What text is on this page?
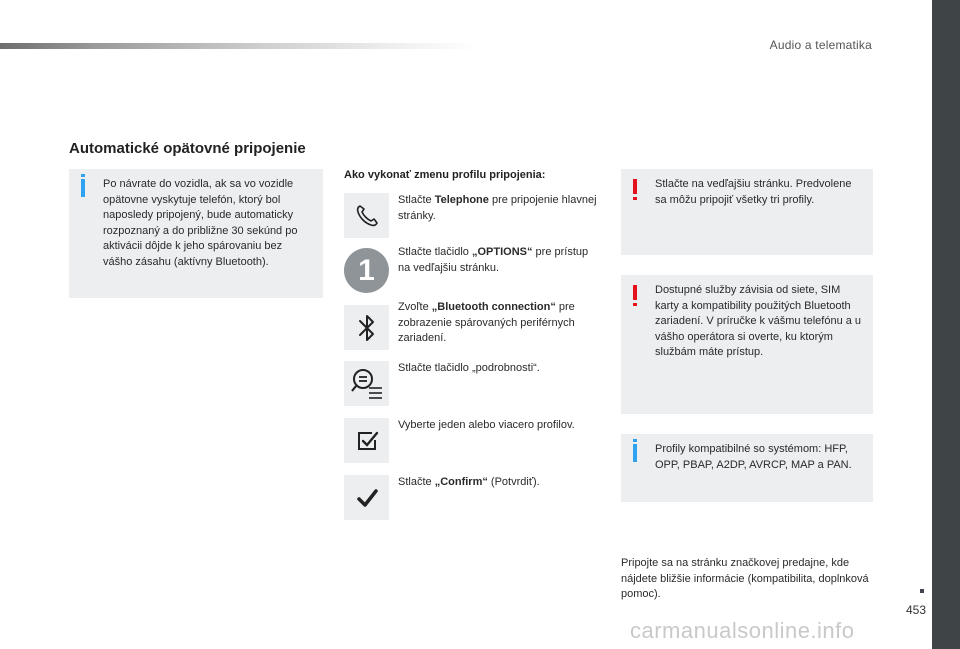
Audio a telematika
453
Automatické opätovné pripojenie

Po návrate do vozidla, ak sa vo vozidle opätovne vyskytuje telefón, ktorý bol naposledy pripojený, bude automaticky rozpoznaný a do približne 30 sekúnd po aktivácii dôjde k jeho spárovaniu bez vášho zásahu (aktívny Bluetooth).

Ako vykonať zmenu profilu pripojenia:
Stlačte Telephone pre pripojenie hlavnej stránky.
1
Stlačte tlačidlo „OPTIONS“ pre prístup na vedľajšiu stránku.
Zvoľte „Bluetooth connection“ pre zobrazenie spárovaných periférnych zariadení.
Stlačte tlačidlo „podrobnosti“.
Vyberte jeden alebo viacero profilov.
Stlačte „Confirm“ (Potvrdiť).

Stlačte na vedľajšiu stránku. Predvolene sa môžu pripojiť všetky tri profily.

Dostupné služby závisia od siete, SIM karty a kompatibility použitých Bluetooth zariadení. V príručke k vášmu telefónu a u vášho operátora si overte, ku ktorým službám máte prístup.

Profily kompatibilné so systémom: HFP, OPP, PBAP, A2DP, AVRCP, MAP a PAN.

Pripojte sa na stránku značkovej predajne, kde nájdete bližšie informácie (kompatibilita, doplnková pomoc).
carmanualsonline.info
